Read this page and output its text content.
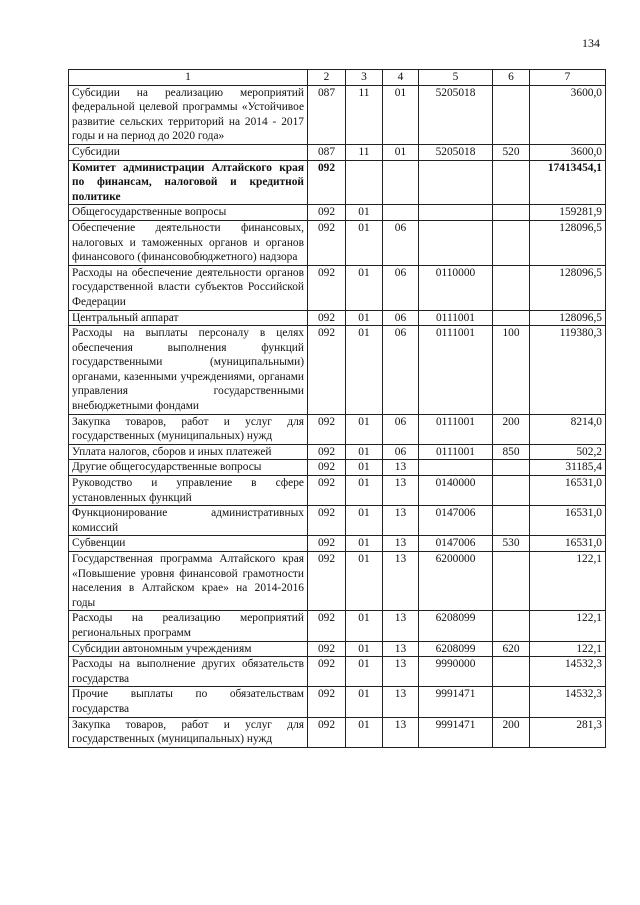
134
1	2	3	4	5	6	7
Субсидии на реализацию мероприятий федеральной целевой программы «Устойчивое развитие сельских территорий на 2014 - 2017 годы и на период до 2020 года»	087	11	01	5205018		3600,0
Субсидии	087	11	01	5205018	520	3600,0
Комитет администрации Алтайского края по финансам, налоговой и кредитной политике	092					17413454,1
Общегосударственные вопросы	092	01				159281,9
Обеспечение деятельности финансовых, налоговых и таможенных органов и органов финансового (финансовобюджетного) надзора	092	01	06			128096,5
Расходы на обеспечение деятельности органов государственной власти субъектов Российской Федерации	092	01	06	0110000		128096,5
Центральный аппарат	092	01	06	0111001		128096,5
Расходы на выплаты персоналу в целях обеспечения выполнения функций государственными (муниципальными) органами, казенными учреждениями, органами управления государственными внебюджетными фондами	092	01	06	0111001	100	119380,3
Закупка товаров, работ и услуг для государственных (муниципальных) нужд	092	01	06	0111001	200	8214,0
Уплата налогов, сборов и иных платежей	092	01	06	0111001	850	502,2
Другие общегосударственные вопросы	092	01	13			31185,4
Руководство и управление в сфере установленных функций	092	01	13	0140000		16531,0
Функционирование административных комиссий	092	01	13	0147006		16531,0
Субвенции	092	01	13	0147006	530	16531,0
Государственная программа Алтайского края «Повышение уровня финансовой грамотности населения в Алтайском крае» на 2014-2016 годы	092	01	13	6200000		122,1
Расходы на реализацию мероприятий региональных программ	092	01	13	6208099		122,1
Субсидии автономным учреждениям	092	01	13	6208099	620	122,1
Расходы на выполнение других обязательств государства	092	01	13	9990000		14532,3
Прочие выплаты по обязательствам государства	092	01	13	9991471		14532,3
Закупка товаров, работ и услуг для государственных (муниципальных) нужд	092	01	13	9991471	200	281,3
